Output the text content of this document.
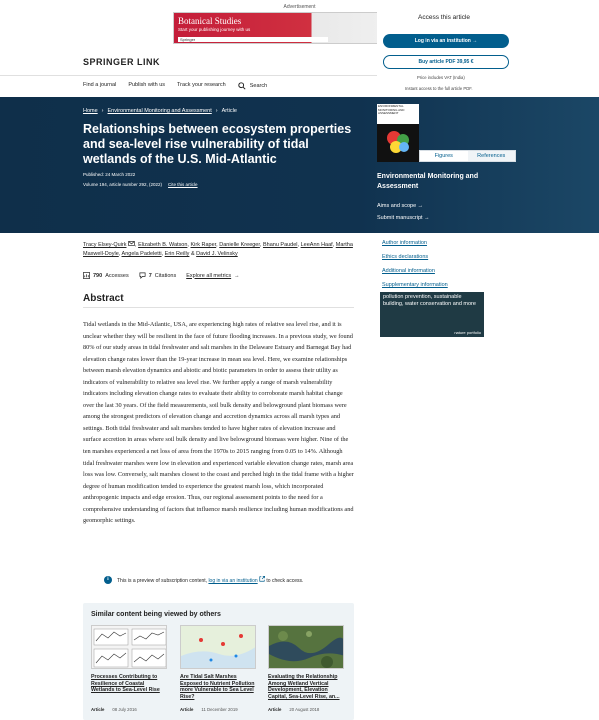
Advertisement
Botanical Studies
Start your publishing journey with us
Springer
SPRINGER LINK
Find a journal Publish with us Track your research	Search
Home › Environmental Monitoring and Assessment › Article
Relationships between ecosystem properties and sea-level rise vulnerability of tidal wetlands of the U.S. Mid-Atlantic
Published: 24 March 2022
Volume 194, article number 292, (2022) Cite this article
Access this article
Log in via an institution →
Buy article PDF 39,95 €
Price includes VAT (India)
Instant access to the full article PDF.
ENVIRONMENTAL MONITORING AND ASSESSMENT
Figures	References
Environmental Monitoring and Assessment
Aims and scope →
Submit manuscript →
Author information
Ethics declarations
Additional information
Supplementary information
pollution prevention, sustainable building, water conservation and more
nature portfolio
Tracy Elsey-Quirk , Elizabeth B. Watson, Kirk Raper, Danielle Kreeger, Bhanu Paudel, LeeAnn Haaf, Martha Maxwell-Doyle, Angela Padeletti, Erin Reilly & David J. Velinsky
790 Accesses	7 Citations Explore all metrics →
Abstract
Tidal wetlands in the Mid-Atlantic, USA, are experiencing high rates of relative sea level rise, and it is unclear whether they will be resilient in the face of future flooding increases. In a previous study, we found 80% of our study areas in tidal freshwater and salt marshes in the Delaware Estuary and Barnegat Bay had elevation change rates lower than the 19-year increase in mean sea level. Here, we examine relationships between marsh elevation dynamics and abiotic and biotic parameters in order to assess their utility as indicators of vulnerability to relative sea level rise. We further apply a range of marsh vulnerability indicators including elevation change rates to evaluate their ability to corroborate marsh habitat change over the last 30 years. Of the field measurements, soil bulk density and belowground plant biomass were among the strongest predictors of elevation change and accretion dynamics across all marsh types and settings. Both tidal freshwater and salt marshes tended to have higher rates of elevation increase and surface accretion in areas where soil bulk density and live belowground biomass were higher. Nine of the ten marshes experienced a net loss of area from the 1970s to 2015 ranging from 0.05 to 14%. Although tidal freshwater marshes were low in elevation and experienced variable elevation change rates, marsh area loss was low. Conversely, salt marshes closest to the coast and perched high in the tidal frame with a higher degree of human modification tended to experience the greatest marsh loss, which incorporated anthropogenic impacts and edge erosion. Thus, our regional assessment points to the need for a comprehensive understanding of factors that influence marsh resilience including human modifications and geomorphic settings.
i	This is a preview of subscription content, log in via an institution to check access.
Similar content being viewed by others
Processes Contributing to Resilience of Coastal Wetlands to Sea-Level Rise
Article 08 July 2016
Are Tidal Salt Marshes Exposed to Nutrient Pollution more Vulnerable to Sea Level Rise?
Article 11 December 2019
Evaluating the Relationship Among Wetland Vertical Development, Elevation Capital, Sea-Level Rise, an...
Article 20 August 2018
